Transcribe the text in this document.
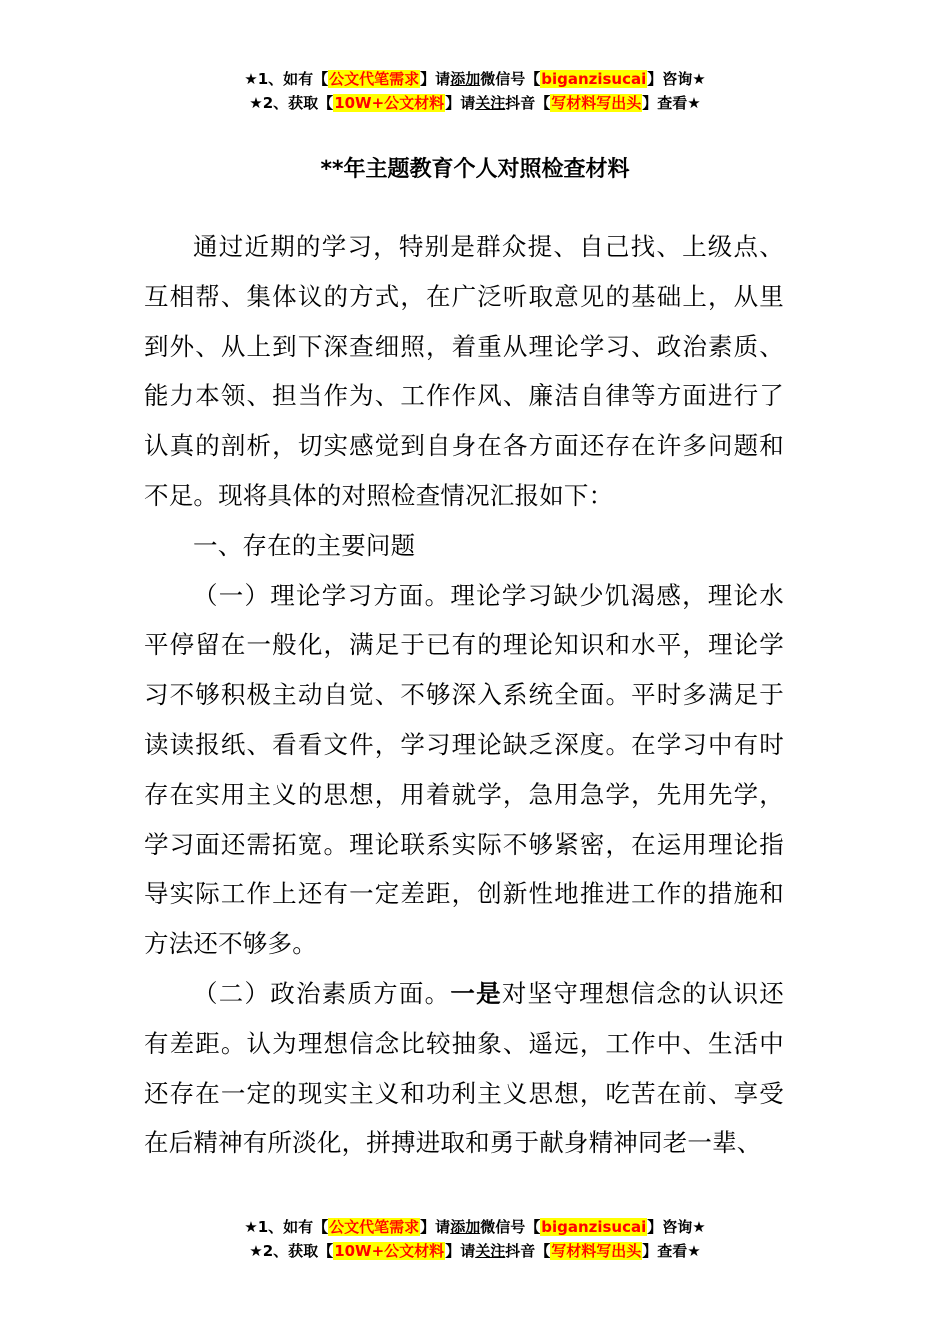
★1、如有【公文代笔需求】请添加微信号【biganzisucai】咨询★
★2、获取【10W+公文材料】请关注抖音【写材料写出头】查看★
**年主题教育个人对照检查材料

通过近期的学习，特别是群众提、自己找、上级点、互相帮、集体议的方式，在广泛听取意见的基础上，从里到外、从上到下深查细照，着重从理论学习、政治素质、能力本领、担当作为、工作作风、廉洁自律等方面进行了认真的剖析，切实感觉到自身在各方面还存在许多问题和不足。现将具体的对照检查情况汇报如下：

一、存在的主要问题

（一）理论学习方面。理论学习缺少饥渴感，理论水平停留在一般化，满足于已有的理论知识和水平，理论学习不够积极主动自觉、不够深入系统全面。平时多满足于读读报纸、看看文件，学习理论缺乏深度。在学习中有时存在实用主义的思想，用着就学，急用急学，先用先学，学习面还需拓宽。理论联系实际不够紧密，在运用理论指导实际工作上还有一定差距，创新性地推进工作的措施和方法还不够多。

（二）政治素质方面。一是对坚守理想信念的认识还有差距。认为理想信念比较抽象、遥远，工作中、生活中还存在一定的现实主义和功利主义思想，吃苦在前、享受在后精神有所淡化，拼搏进取和勇于献身精神同老一辈、

★1、如有【公文代笔需求】请添加微信号【biganzisucai】咨询★
★2、获取【10W+公文材料】请关注抖音【写材料写出头】查看★
